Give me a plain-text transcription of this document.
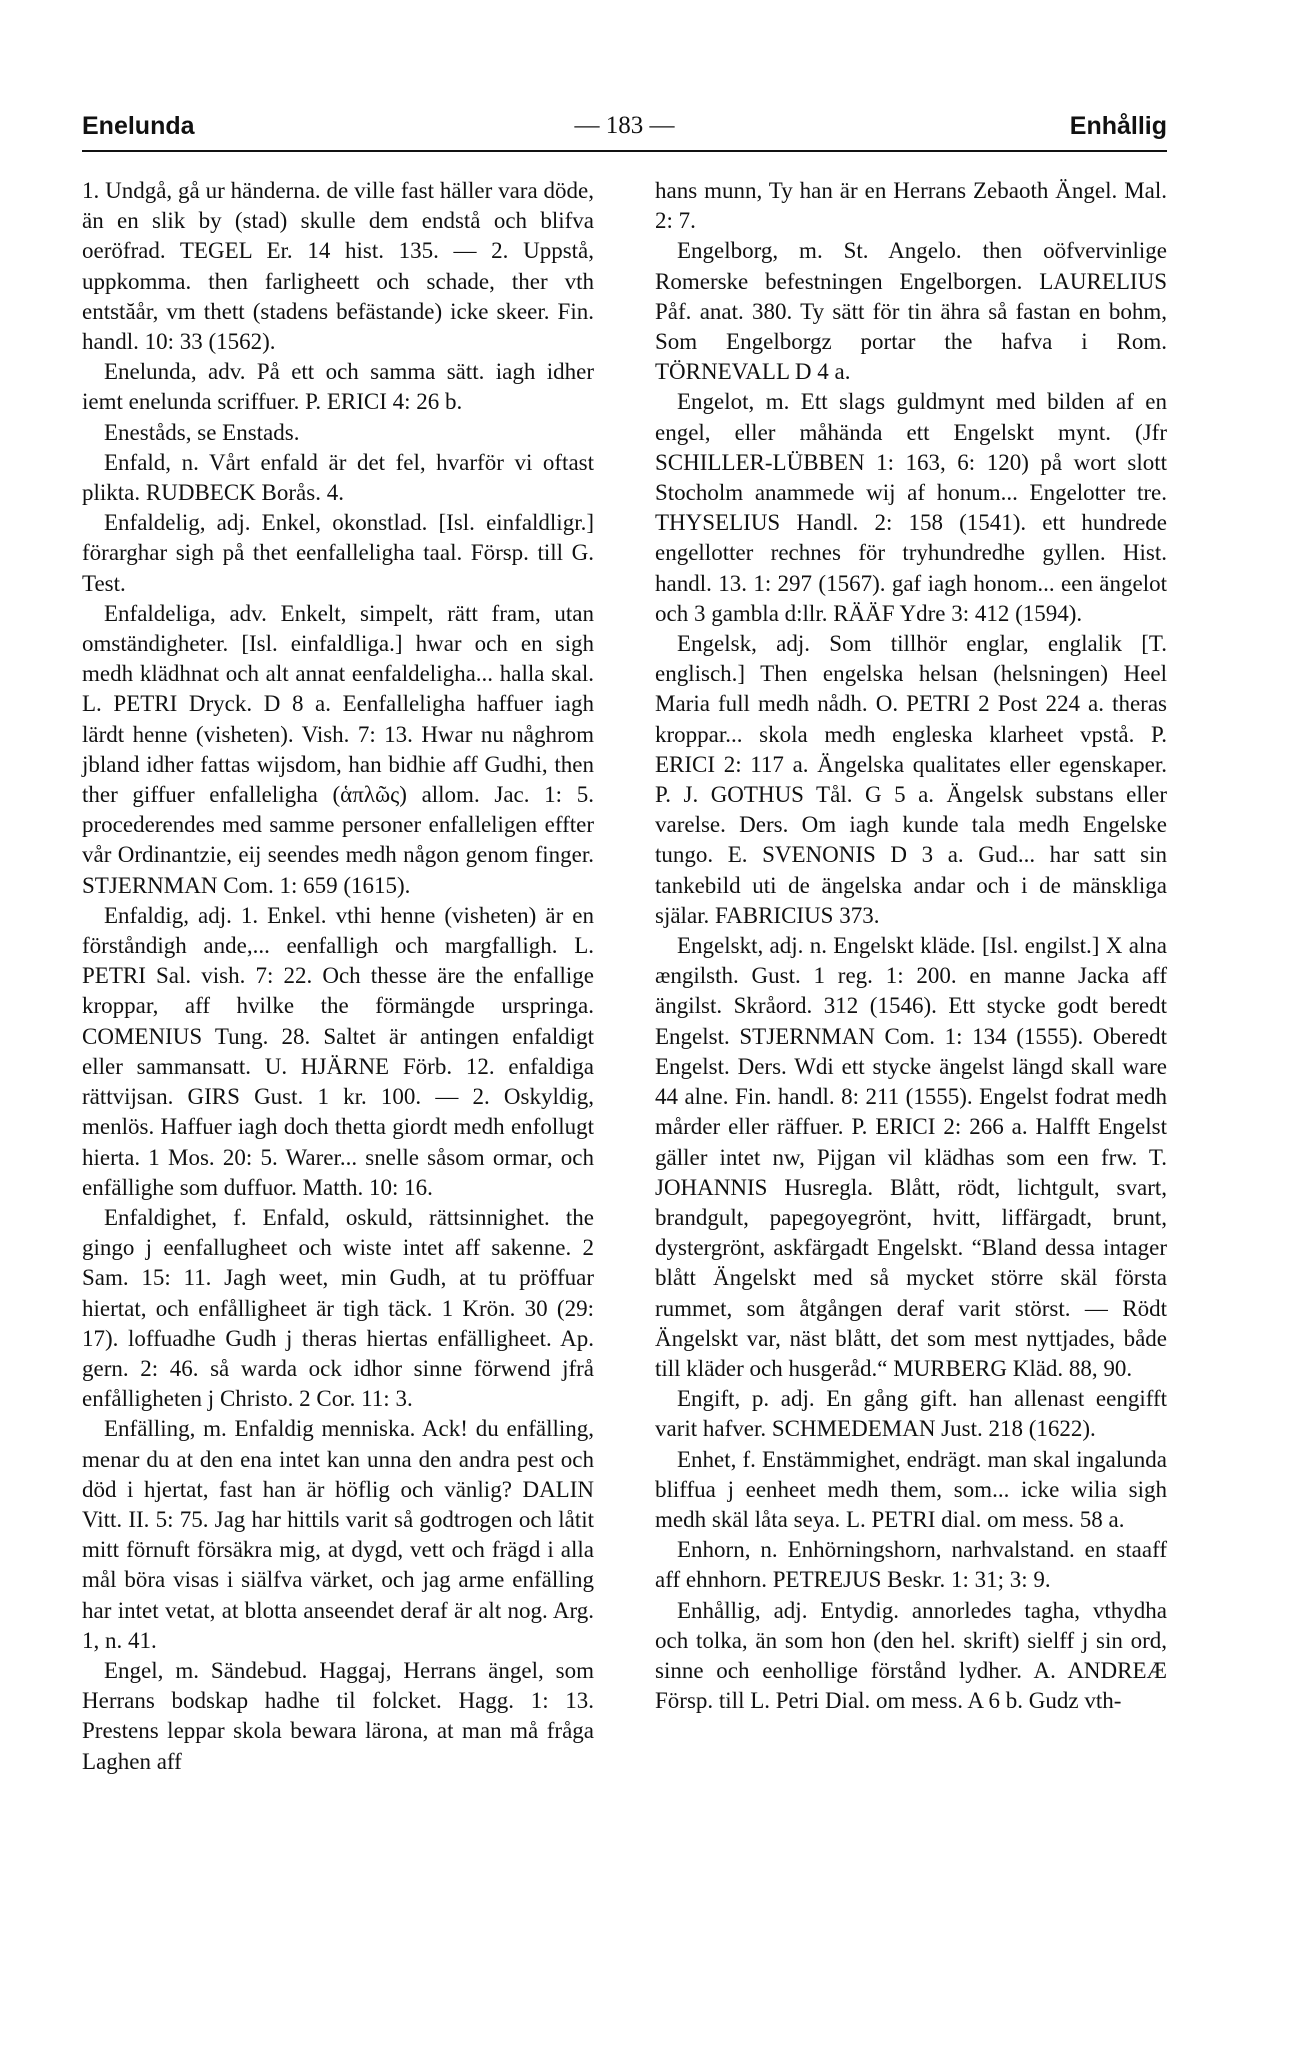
Enelunda	— 183 —	Enhållig

1. Undgå, gå ur händerna. de ville fast häller vara döde, än en slik by (stad) skulle dem endstå och blifva oeröfrad. TEGEL Er. 14 hist. 135. — 2. Uppstå, uppkomma. then farligheett och schade, ther vth entstăår, vm thett (stadens befästande) icke skeer. Fin. handl. 10: 33 (1562).

Enelunda, adv. På ett och samma sätt. iagh idher iemt enelunda scriffuer. P. ERICI 4: 26 b.

Eneståds, se Enstads.

Enfald, n. Vårt enfald är det fel, hvarför vi oftast plikta. RUDBECK Borås. 4.

Enfaldelig, adj. Enkel, okonstlad. [Isl. einfaldligr.] förarghar sigh på thet eenfalleligha taal. Försp. till G. Test.

Enfaldeliga, adv. Enkelt, simpelt, rätt fram, utan omständigheter. [Isl. einfaldliga.] hwar och en sigh medh klädhnat och alt annat eenfaldeligha... halla skal. L. PETRI Dryck. D 8 a. Eenfalleligha haffuer iagh lärdt henne (visheten). Vish. 7: 13. Hwar nu någhrom jbland idher fattas wijsdom, han bidhie aff Gudhi, then ther giffuer enfalleligha (ἁπλῶς) allom. Jac. 1: 5. procederendes med samme personer enfalleligen effter vår Ordinantzie, eij seendes medh någon genom finger. STJERNMAN Com. 1: 659 (1615).

Enfaldig, adj. 1. Enkel. vthi henne (visheten) är en förståndigh ande,... eenfalligh och margfalligh. L. PETRI Sal. vish. 7: 22. Och thesse äre the enfallige kroppar, aff hvilke the förmängde urspringa. COMENIUS Tung. 28. Saltet är antingen enfaldigt eller sammansatt. U. HJÄRNE Förb. 12. enfaldiga rättvijsan. GIRS Gust. 1 kr. 100. — 2. Oskyldig, menlös. Haffuer iagh doch thetta giordt medh enfollugt hierta. 1 Mos. 20: 5. Warer... snelle såsom ormar, och enfällighe som duffuor. Matth. 10: 16.

Enfaldighet, f. Enfald, oskuld, rättsinnighet. the gingo j eenfallugheet och wiste intet aff sakenne. 2 Sam. 15: 11. Jagh weet, min Gudh, at tu pröffuar hiertat, och enfålligheet är tigh täck. 1 Krön. 30 (29: 17). loffuadhe Gudh j theras hiertas enfällighеet. Ap. gern. 2: 46. så warda ock idhor sinne förwend jfrå enfålligheten j Christo. 2 Cor. 11: 3.

Enfälling, m. Enfaldig menniska. Ack! du enfälling, menar du at den ena intet kan unna den andra pest och död i hjertat, fast han är höflig och vänlig? DALIN Vitt. II. 5: 75. Jag har hittils varit så godtrogen och låtit mitt förnuft försäkra mig, at dygd, vett och frägd i alla mål böra visas i siälfva värket, och jag arme enfälling har intet vetat, at blotta anseendet deraf är alt nog. Arg. 1, n. 41.

Engel, m. Sändebud. Haggaj, Herrans ängel, som Herrans bodskap hadhe til folcket. Hagg. 1: 13. Prestens leppar skola bewara lärona, at man må fråga Laghen aff

hans munn, Ty han är en Herrans Zebaoth Ängel. Mal. 2: 7.

Engelborg, m. St. Angelo. then oöfvervinlige Romerske befestningen Engelborgen. LAURELIUS Påf. anat. 380. Ty sätt för tin ähra så fastan en bohm, Som Engelborgz portar the hafva i Rom. TÖRNEVALL D 4 a.

Engelot, m. Ett slags guldmynt med bilden af en engel, eller måhända ett Engelskt mynt. (Jfr SCHILLER-LÜBBEN 1: 163, 6: 120) på wort slott Stocholm anammede wij af honum... Engelotter tre. THYSELIUS Handl. 2: 158 (1541). ett hundrede engellotter rechnes för tryhundredhe gyllen. Hist. handl. 13. 1: 297 (1567). gaf iagh honom... een ängelot och 3 gambla d:llr. RÄÄF Ydre 3: 412 (1594).

Engelsk, adj. Som tillhör englar, englalik [T. englisch.] Then engelska helsan (helsningen) Heel Maria full medh nådh. O. PETRI 2 Post 224 a. theras kroppar... skola medh engleska klarheet vpstå. P. ERICI 2: 117 a. Ängelska qualitates eller egenskaper. P. J. GOTHUS Tål. G 5 a. Ängelsk substans eller varelse. Ders. Om iagh kunde tala medh Engelske tungo. E. SVENONIS D 3 a. Gud... har satt sin tankebild uti de ängelska andar och i de mänskliga själar. FABRICIUS 373.

Engelskt, adj. n. Engelskt kläde. [Isl. engilst.] X alna ængilsth. Gust. 1 reg. 1: 200. en manne Jacka aff ängilst. Skråord. 312 (1546). Ett stycke godt beredt Engelst. STJERNMAN Com. 1: 134 (1555). Oberedt Engelst. Ders. Wdi ett stycke ängelst längd skall ware 44 alne. Fin. handl. 8: 211 (1555). Engelst fodrat medh mårder eller räffuer. P. ERICI 2: 266 a. Halfft Engelst gäller intet nw, Pijgan vil klädhas som een frw. T. JOHANNIS Husregla. Blått, rödt, lichtgult, svart, brandgult, papegoyegrönt, hvitt, liffärgadt, brunt, dystergrönt, askfärgadt Engelskt. “Bland dessa intager blått Ängelskt med så mycket större skäl första rummet, som åtgången deraf varit störst. — Rödt Ängelskt var, näst blått, det som mest nyttjades, både till kläder och husgeråd.“ MURBERG Kläd. 88, 90.

Engift, p. adj. En gång gift. han allenast eengifft varit hafver. SCHMEDEMAN Just. 218 (1622).

Enhet, f. Enstämmighet, endrägt. man skal ingalunda bliffua j eenheet medh them, som... icke wilia sigh medh skäl låta seya. L. PETRI dial. om mess. 58 a.

Enhorn, n. Enhörningshorn, narhvalstand. en staaff aff ehnhorn. PETREJUS Beskr. 1: 31; 3: 9.

Enhållig, adj. Entydig. annorledes tagha, vthydha och tolka, än som hon (den hel. skrift) sielff j sin ord, sinne och eenhollige förstånd lydher. A. ANDREÆ Försp. till L. Petri Dial. om mess. A 6 b. Gudz vth-
